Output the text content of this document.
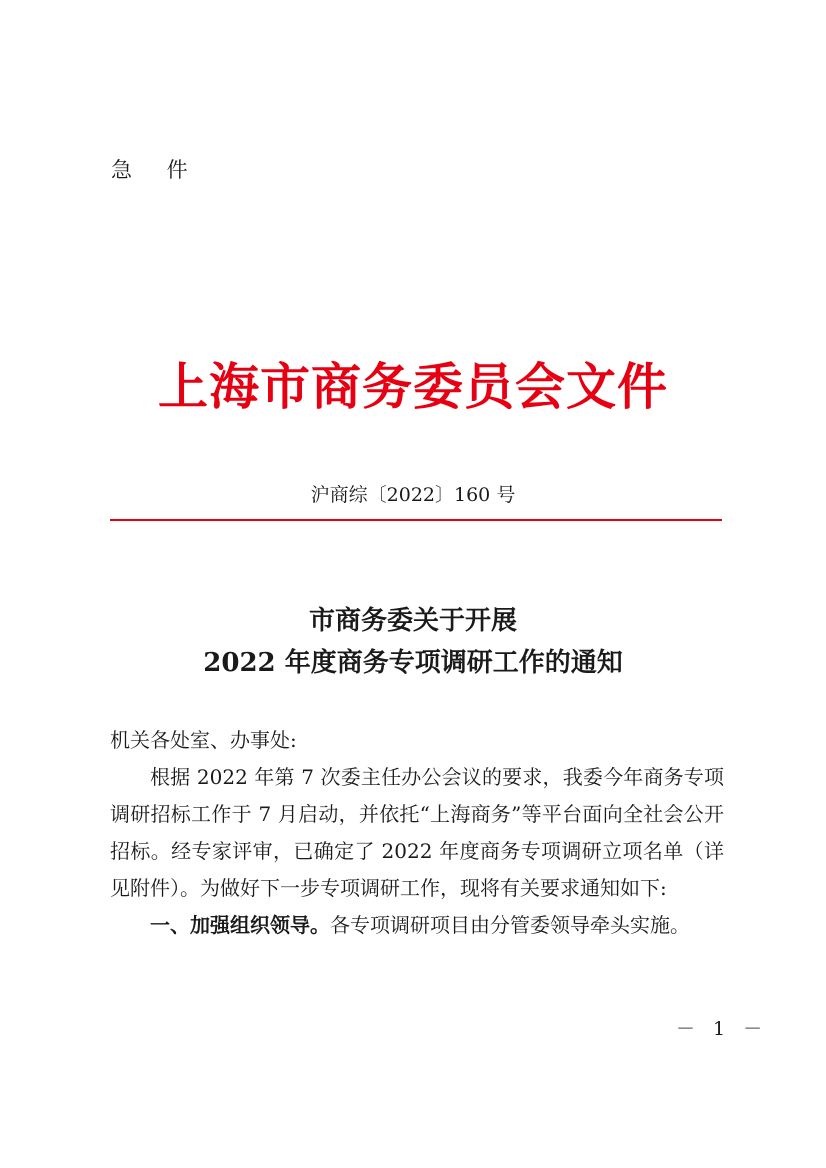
急 件
上海市商务委员会文件
沪商综〔2022〕160 号
市商务委关于开展
2022 年度商务专项调研工作的通知

机关各处室、办事处:

根据 2022 年第 7 次委主任办公会议的要求，我委今年商务专项调研招标工作于 7 月启动，并依托“上海商务”等平台面向全社会公开招标。经专家评审，已确定了 2022 年度商务专项调研立项名单（详见附件）。为做好下一步专项调研工作，现将有关要求通知如下:

一、加强组织领导。各专项调研项目由分管委领导牵头实施。

－ 1 －
